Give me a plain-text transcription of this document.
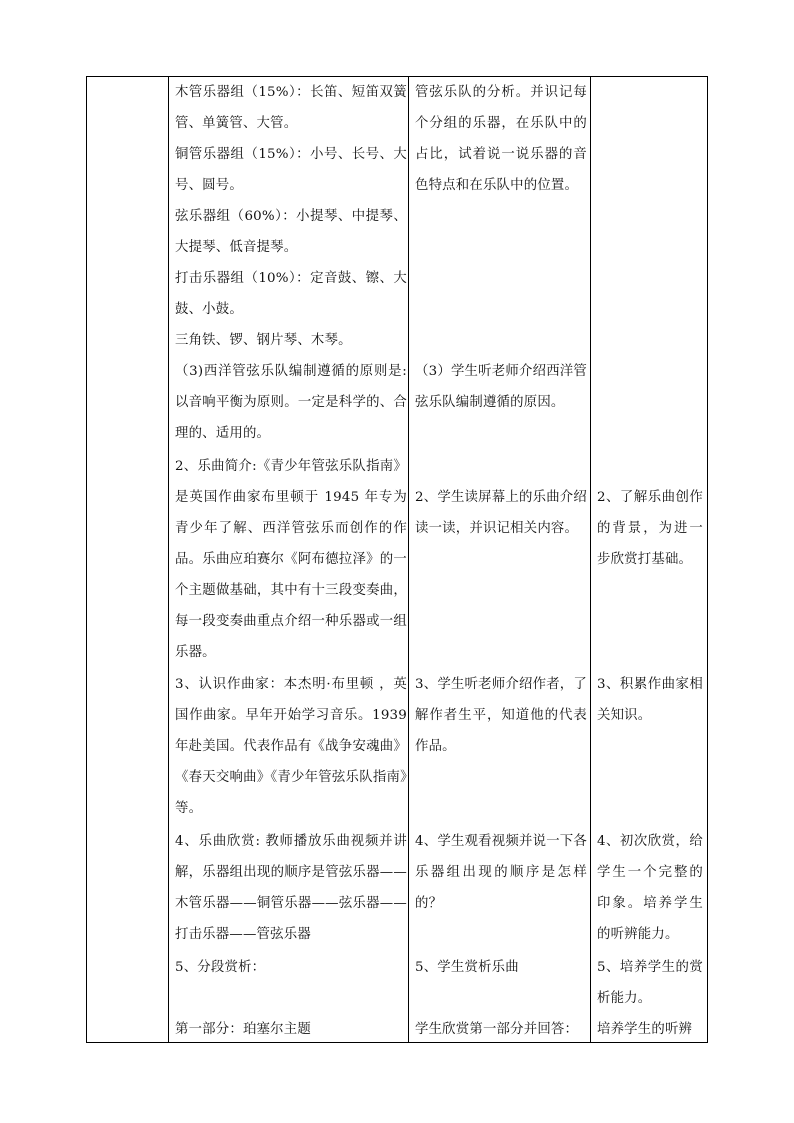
木管乐器组（15%）：长笛、短笛双簧管、单簧管、大管。
铜管乐器组（15%）：小号、长号、大号、圆号。
弦乐器组（60%）：小提琴、中提琴、大提琴、低音提琴。
打击乐器组（10%）：定音鼓、镲、大鼓、小鼓。
三角铁、锣、钢片琴、木琴。
（3)西洋管弦乐队编制遵循的原则是:以音响平衡为原则。一定是科学的、合理的、适用的。
2、乐曲简介:《青少年管弦乐队指南》是英国作曲家布里顿于 1945 年专为青少年了解、西洋管弦乐而创作的作品。乐曲应珀赛尔《阿布德拉泽》的一个主题做基础，其中有十三段变奏曲，每一段变奏曲重点介绍一种乐器或一组乐器。
3、认识作曲家：本杰明·布里顿 ，英国作曲家。早年开始学习音乐。1939 年赴美国。代表作品有《战争安魂曲》《春天交响曲》《青少年管弦乐队指南》等。
4、乐曲欣赏: 教师播放乐曲视频并讲解，乐器组出现的顺序是管弦乐器——木管乐器——铜管乐器——弦乐器——打击乐器——管弦乐器
5、分段赏析：
第一部分：珀塞尔主题
管弦乐队的分析。并识记每个分组的乐器，在乐队中的占比，试着说一说乐器的音色特点和在乐队中的位置。
（3）学生听老师介绍西洋管弦乐队编制遵循的原因。
2、学生读屏幕上的乐曲介绍读一读，并识记相关内容。
3、学生听老师介绍作者，了解作者生平，知道他的代表作品。
4、学生观看视频并说一下各乐器组出现的顺序是怎样的？
5、学生赏析乐曲
学生欣赏第一部分并回答：
2、了解乐曲创作的背景，为进一步欣赏打基础。
3、积累作曲家相关知识。
4、初次欣赏，给学生一个完整的印象。培养学生的听辨能力。
5、培养学生的赏析能力。
培养学生的听辨
